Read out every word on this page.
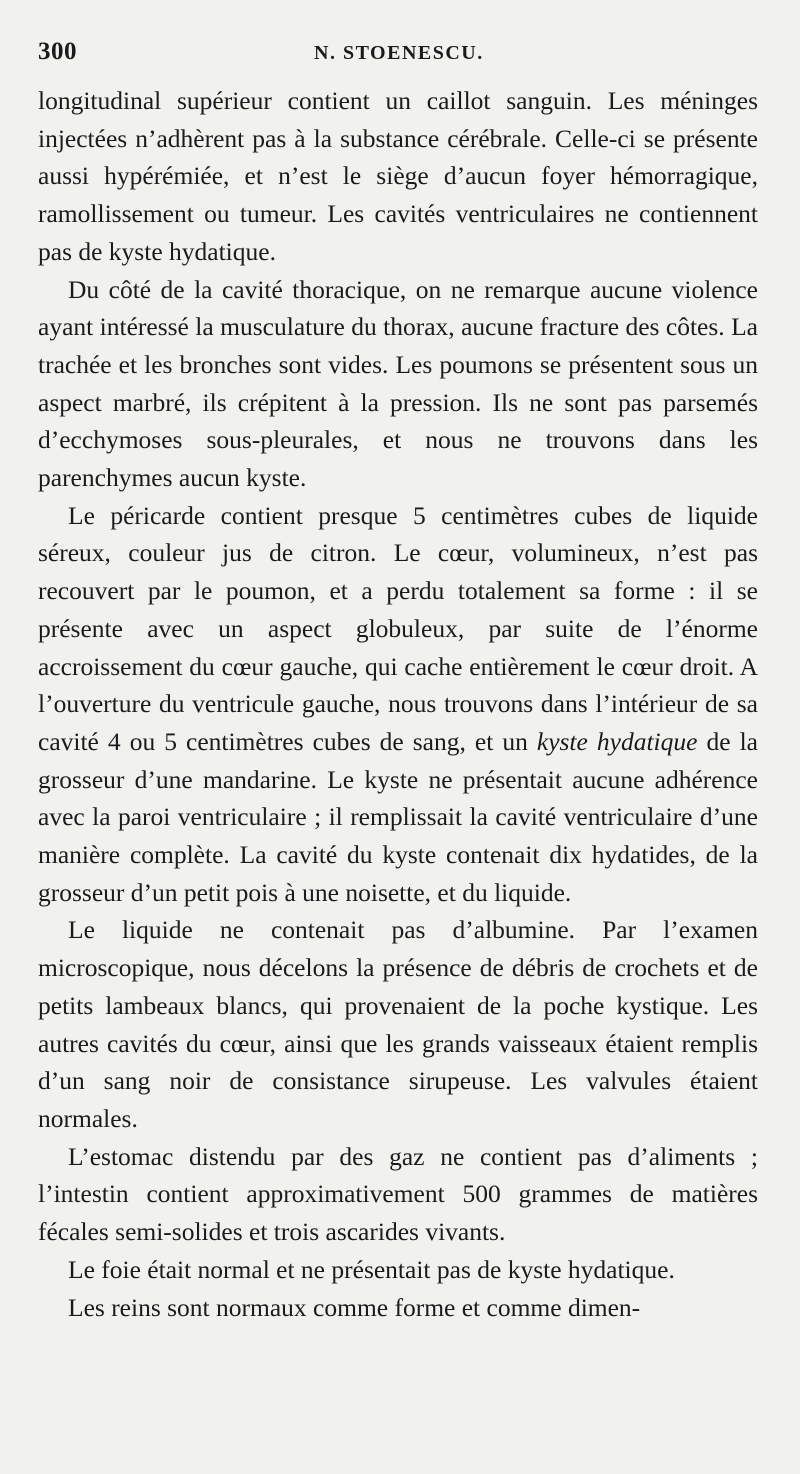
300	N. STOENESCU.

longitudinal supérieur contient un caillot sanguin. Les méninges injectées n’adhèrent pas à la substance cérébrale. Celle-ci se présente aussi hypérémiée, et n’est le siège d’aucun foyer hémorragique, ramollissement ou tumeur. Les cavités ventriculaires ne contiennent pas de kyste hydatique.

Du côté de la cavité thoracique, on ne remarque aucune violence ayant intéressé la musculature du thorax, aucune fracture des côtes. La trachée et les bronches sont vides. Les poumons se présentent sous un aspect marbré, ils crépitent à la pression. Ils ne sont pas parsemés d’ecchymoses sous-pleurales, et nous ne trouvons dans les parenchymes aucun kyste.

Le péricarde contient presque 5 centimètres cubes de liquide séreux, couleur jus de citron. Le cœur, volumineux, n’est pas recouvert par le poumon, et a perdu totalement sa forme : il se présente avec un aspect globuleux, par suite de l’énorme accroissement du cœur gauche, qui cache entièrement le cœur droit. A l’ouverture du ventricule gauche, nous trouvons dans l’intérieur de sa cavité 4 ou 5 centimètres cubes de sang, et un kyste hydatique de la grosseur d’une mandarine. Le kyste ne présentait aucune adhérence avec la paroi ventriculaire ; il remplissait la cavité ventriculaire d’une manière complète. La cavité du kyste contenait dix hydatides, de la grosseur d’un petit pois à une noisette, et du liquide.

Le liquide ne contenait pas d’albumine. Par l’examen microscopique, nous décelons la présence de débris de crochets et de petits lambeaux blancs, qui provenaient de la poche kystique. Les autres cavités du cœur, ainsi que les grands vaisseaux étaient remplis d’un sang noir de consistance sirupeuse. Les valvules étaient normales.

L’estomac distendu par des gaz ne contient pas d’aliments ; l’intestin contient approximativement 500 grammes de matières fécales semi-solides et trois ascarides vivants.

Le foie était normal et ne présentait pas de kyste hydatique.

Les reins sont normaux comme forme et comme dimen-
